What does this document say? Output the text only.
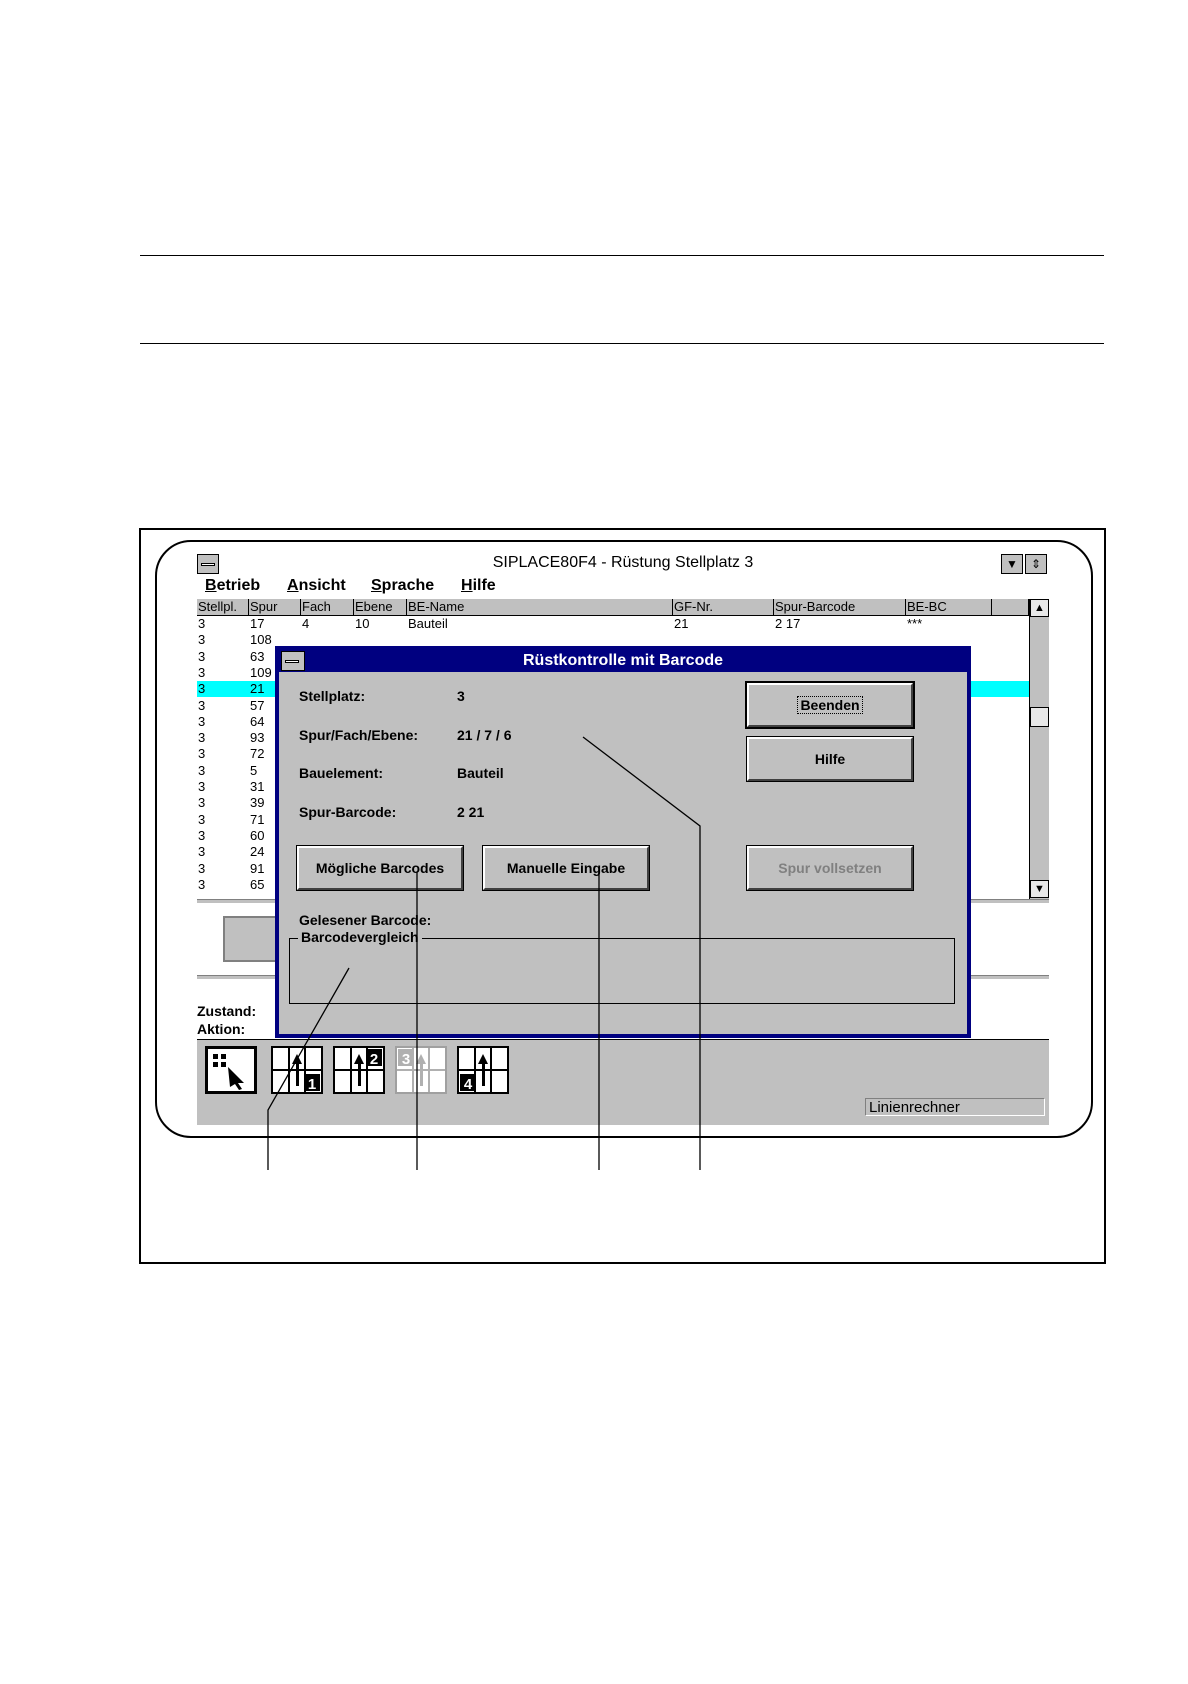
SIPLACE80F4 - Rüstung Stellplatz 3	▼	⇕
Betrieb Ansicht Sprache Hilfe
Stellpl. Spur	Fach	Ebene	BE-Name	GF-Nr.	Spur-Barcode	BE-BC
3	17	4	10	Bauteil	21	2 17	***
3	108
3	63
3	109
3	21
3	57
3	64
3	93
3	72
3	5
3	31
3	39
3	71
3	60
3	24
3	91
3	65
▲
▼
Zustand:
Aktion:
1
2 3
4
Linienrechner
Rüstkontrolle mit Barcode
Stellplatz:	3
Spur/Fach/Ebene:	21 / 7 / 6
Bauelement:	Bauteil
Spur-Barcode:	2 21
Beenden
Hilfe
Mögliche Barcodes	Manuelle Eingabe	Spur vollsetzen
Gelesener Barcode:
Barcodevergleich
